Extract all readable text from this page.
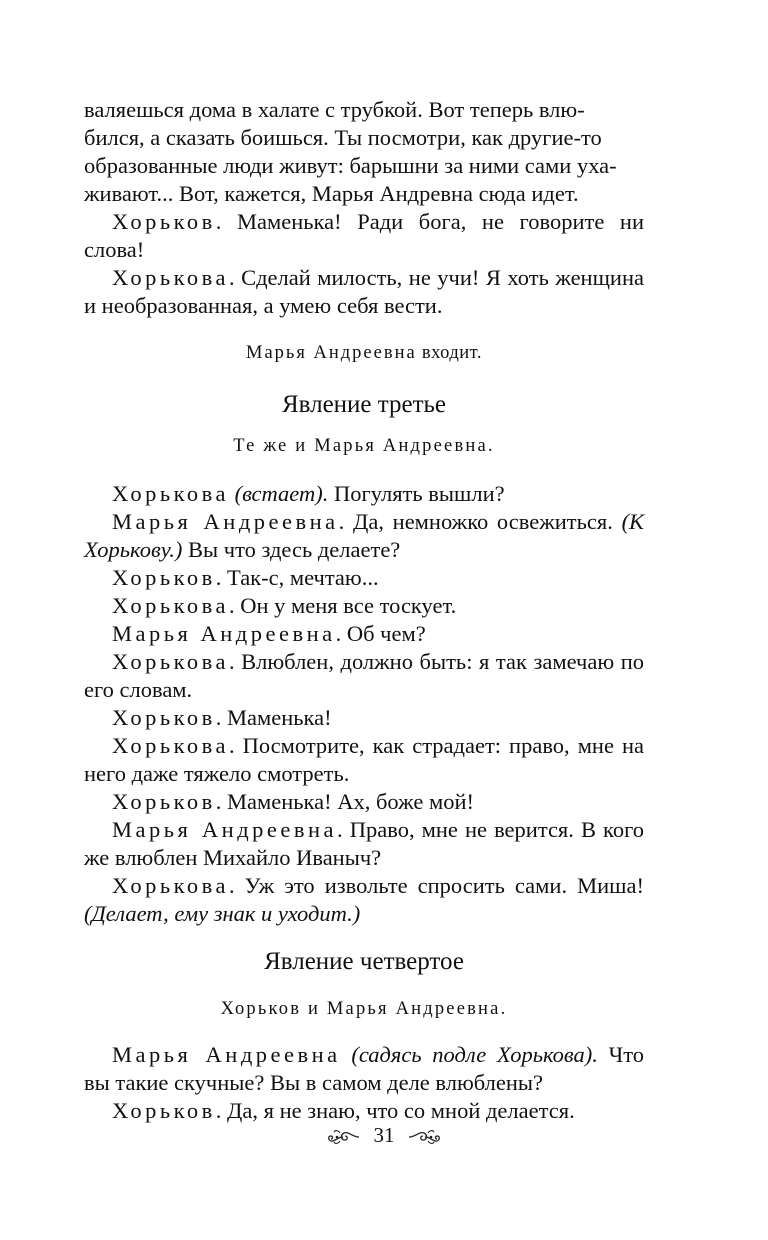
валяешься дома в халате с трубкой. Вот теперь влю-
бился, а сказать боишься. Ты посмотри, как другие-то
образованные люди живут: барышни за ними сами уха-
живают... Вот, кажется, Марья Андревна сюда идет.

Хорьков. Маменька! Ради бога, не говорите ни слова!

Хорькова. Сделай милость, не учи! Я хоть женщина и необразованная, а умею себя вести.

Марья Андреевна входит.

Явление третье

Те же и Марья Андреевна.

Хорькова (встает). Погулять вышли?

Марья Андреевна. Да, немножко освежиться. (К Хорькову.) Вы что здесь делаете?

Хорьков. Так-с, мечтаю...

Хорькова. Он у меня все тоскует.

Марья Андреевна. Об чем?

Хорькова. Влюблен, должно быть: я так замечаю по его словам.

Хорьков. Маменька!

Хорькова. Посмотрите, как страдает: право, мне на него даже тяжело смотреть.

Хорьков. Маменька! Ах, боже мой!

Марья Андреевна. Право, мне не верится. В кого же влюблен Михайло Иваныч?

Хорькова. Уж это извольте спросить сами. Миша! (Делает, ему знак и уходит.)

Явление четвертое

Хорьков и Марья Андреевна.

Марья Андреевна (садясь подле Хорькова). Что вы такие скучные? Вы в самом деле влюблены?

Хорьков. Да, я не знаю, что со мной делается.

31
